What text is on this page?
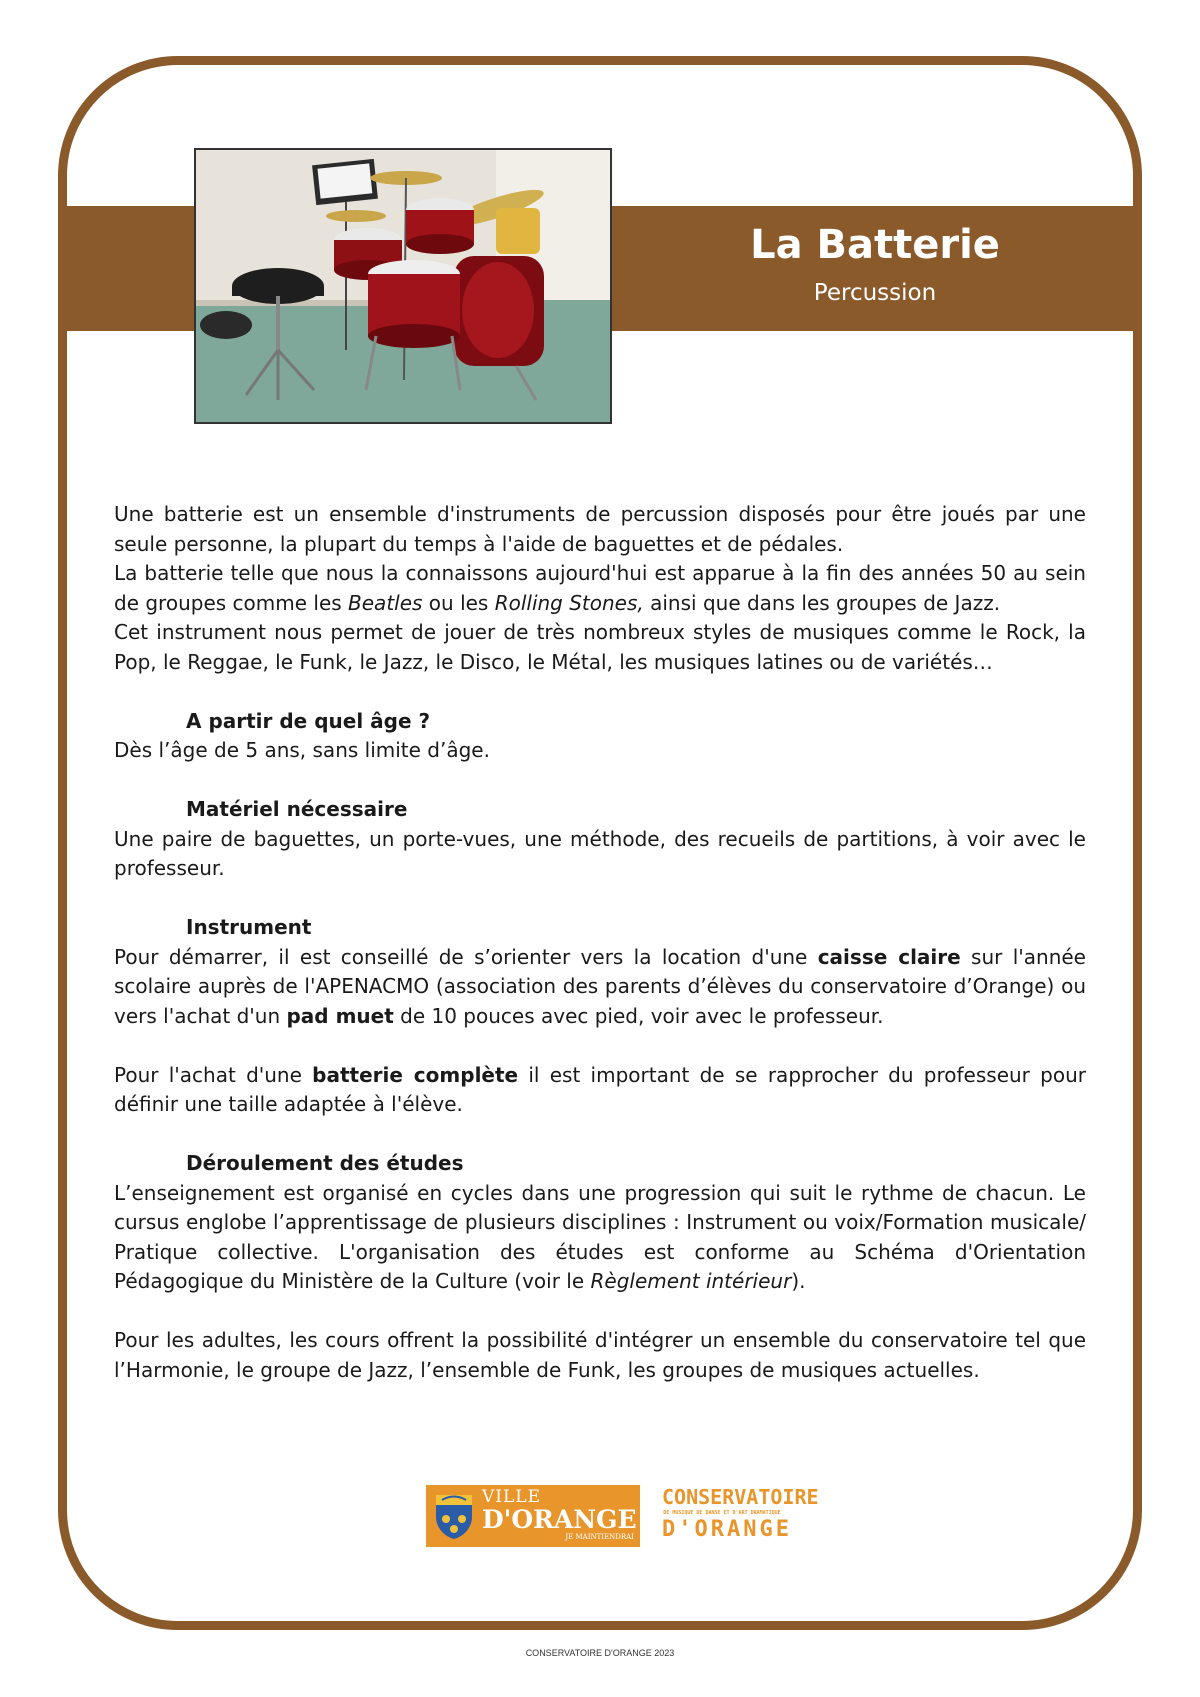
La Batterie
Percussion

Une batterie est un ensemble d'instruments de percussion disposés pour être joués par une seule personne, la plupart du temps à l'aide de baguettes et de pédales.

La batterie telle que nous la connaissons aujourd'hui est apparue à la fin des années 50 au sein de groupes comme les Beatles ou les Rolling Stones, ainsi que dans les groupes de Jazz.

Cet instrument nous permet de jouer de très nombreux styles de musiques comme le Rock, la Pop, le Reggae, le Funk, le Jazz, le Disco, le Métal, les musiques latines ou de variétés…

A partir de quel âge ?

Dès l’âge de 5 ans, sans limite d’âge.

Matériel nécessaire

Une paire de baguettes, un porte-vues, une méthode, des recueils de partitions, à voir avec le professeur.

Instrument

Pour démarrer, il est conseillé de s’orienter vers la location d'une caisse claire sur l'année scolaire auprès de l'APENACMO (association des parents d’élèves du conservatoire d’Orange) ou vers l'achat d'un pad muet de 10 pouces avec pied, voir avec le professeur.

Pour l'achat d'une batterie complète il est important de se rapprocher du professeur pour définir une taille adaptée à l'élève.

Déroulement des études

L’enseignement est organisé en cycles dans une progression qui suit le rythme de chacun. Le cursus englobe l’apprentissage de plusieurs disciplines : Instrument ou voix/Formation musicale/ Pratique collective. L'organisation des études est conforme au Schéma d'Orientation Pédagogique du Ministère de la Culture (voir le Règlement intérieur).

Pour les adultes, les cours offrent la possibilité d'intégrer un ensemble du conservatoire tel que l’Harmonie, le groupe de Jazz, l’ensemble de Funk, les groupes de musiques actuelles.

VILLE
D'ORANGE
JE MAINTIENDRAI
CONSERVATOIRE
DE MUSIQUE DE DANSE ET D'ART DRAMATIQUE
D'ORANGE
CONSERVATOIRE D'ORANGE 2023
